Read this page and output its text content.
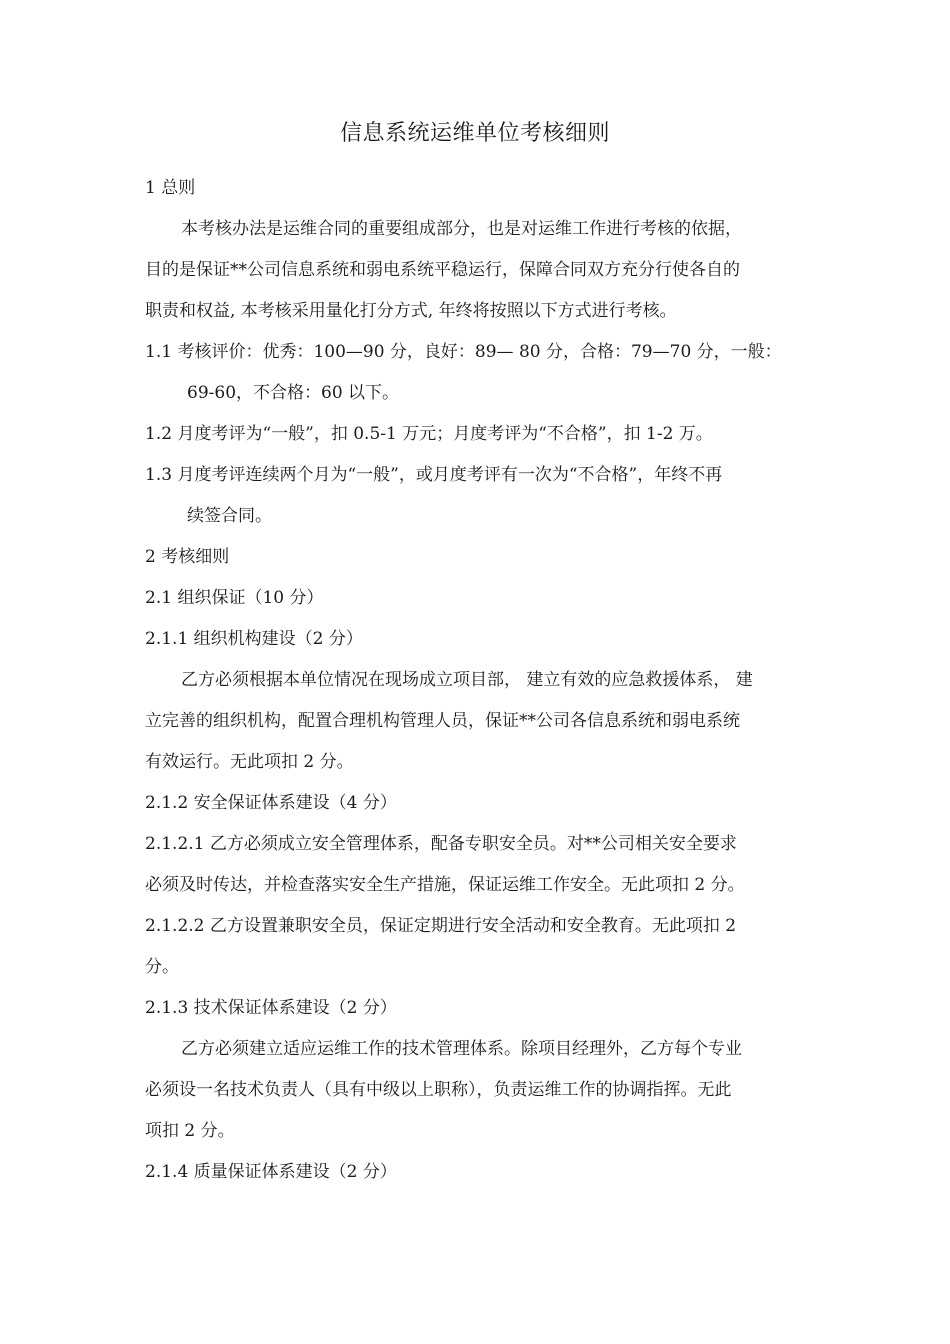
信息系统运维单位考核细则
1 总则
本考核办法是运维合同的重要组成部分，也是对运维工作进行考核的依据，
目的是保证**公司信息系统和弱电系统平稳运行，保障合同双方充分行使各自的
职责和权益, 本考核采用量化打分方式, 年终将按照以下方式进行考核。
1.1 考核评价：优秀：100—90 分，良好：89— 80 分，合格：79—70 分，一般：
69-60，不合格：60 以下。
1.2 月度考评为“一般”，扣 0.5-1 万元；月度考评为“不合格”，扣 1-2 万。
1.3 月度考评连续两个月为“一般”，或月度考评有一次为“不合格”，年终不再
续签合同。
2 考核细则
2.1 组织保证（10 分）
2.1.1 组织机构建设（2 分）
乙方必须根据本单位情况在现场成立项目部， 建立有效的应急救援体系， 建
立完善的组织机构，配置合理机构管理人员，保证**公司各信息系统和弱电系统
有效运行。无此项扣 2 分。
2.1.2 安全保证体系建设（4 分）
2.1.2.1 乙方必须成立安全管理体系，配备专职安全员。对**公司相关安全要求
必须及时传达，并检查落实安全生产措施，保证运维工作安全。无此项扣 2 分。
2.1.2.2 乙方设置兼职安全员，保证定期进行安全活动和安全教育。无此项扣 2
分。
2.1.3 技术保证体系建设（2 分）
乙方必须建立适应运维工作的技术管理体系。除项目经理外，乙方每个专业
必须设一名技术负责人（具有中级以上职称），负责运维工作的协调指挥。无此
项扣 2 分。
2.1.4 质量保证体系建设（2 分）
